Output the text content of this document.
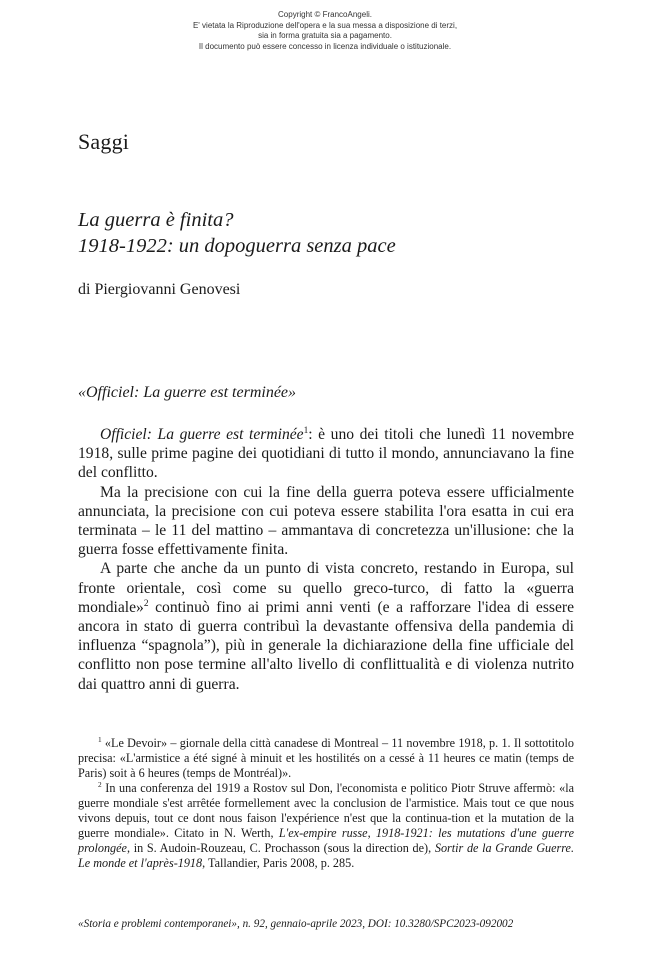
Copyright © FrancoAngeli.
E' vietata la Riproduzione dell'opera e la sua messa a disposizione di terzi,
sia in forma gratuita sia a pagamento.
Il documento può essere concesso in licenza individuale o istituzionale.
Saggi
La guerra è finita?
1918-1922: un dopoguerra senza pace
di Piergiovanni Genovesi
«Officiel: La guerre est terminée»

Officiel: La guerre est terminée$^1$: è uno dei titoli che lunedì 11 novembre 1918, sulle prime pagine dei quotidiani di tutto il mondo, annunciavano la fine del conflitto.

Ma la precisione con cui la fine della guerra poteva essere ufficialmente annunciata, la precisione con cui poteva essere stabilita l'ora esatta in cui era terminata – le 11 del mattino – ammantava di concretezza un'illusione: che la guerra fosse effettivamente finita.

A parte che anche da un punto di vista concreto, restando in Europa, sul fronte orientale, così come su quello greco-turco, di fatto la «guerra mondiale»$^2$ continuò fino ai primi anni venti (e a rafforzare l'idea di essere ancora in stato di guerra contribuì la devastante offensiva della pandemia di influenza “spagnola”), più in generale la dichiarazione della fine ufficiale del conflitto non pose termine all'alto livello di conflittualità e di violenza nutrito dai quattro anni di guerra.

$^1$ «Le Devoir» – giornale della città canadese di Montreal – 11 novembre 1918, p. 1. Il sottotitolo precisa: «L'armistice a été signé à minuit et les hostilités on a cessé à 11 heures ce matin (temps de Paris) soit à 6 heures (temps de Montréal)».

$^2$ In una conferenza del 1919 a Rostov sul Don, l'economista e politico Piotr Struve affermò: «la guerre mondiale s'est arrêtée formellement avec la conclusion de l'armistice. Mais tout ce que nous vivons depuis, tout ce dont nous faison l'expérience n'est que la continua-tion et la mutation de la guerre mondiale». Citato in N. Werth, L'ex-empire russe, 1918-1921: les mutations d'une guerre prolongée, in S. Audoin-Rouzeau, C. Prochasson (sous la direction de), Sortir de la Grande Guerre. Le monde et l'après-1918, Tallandier, Paris 2008, p. 285.

«Storia e problemi contemporanei», n. 92, gennaio-aprile 2023, DOI: 10.3280/SPC2023-092002
